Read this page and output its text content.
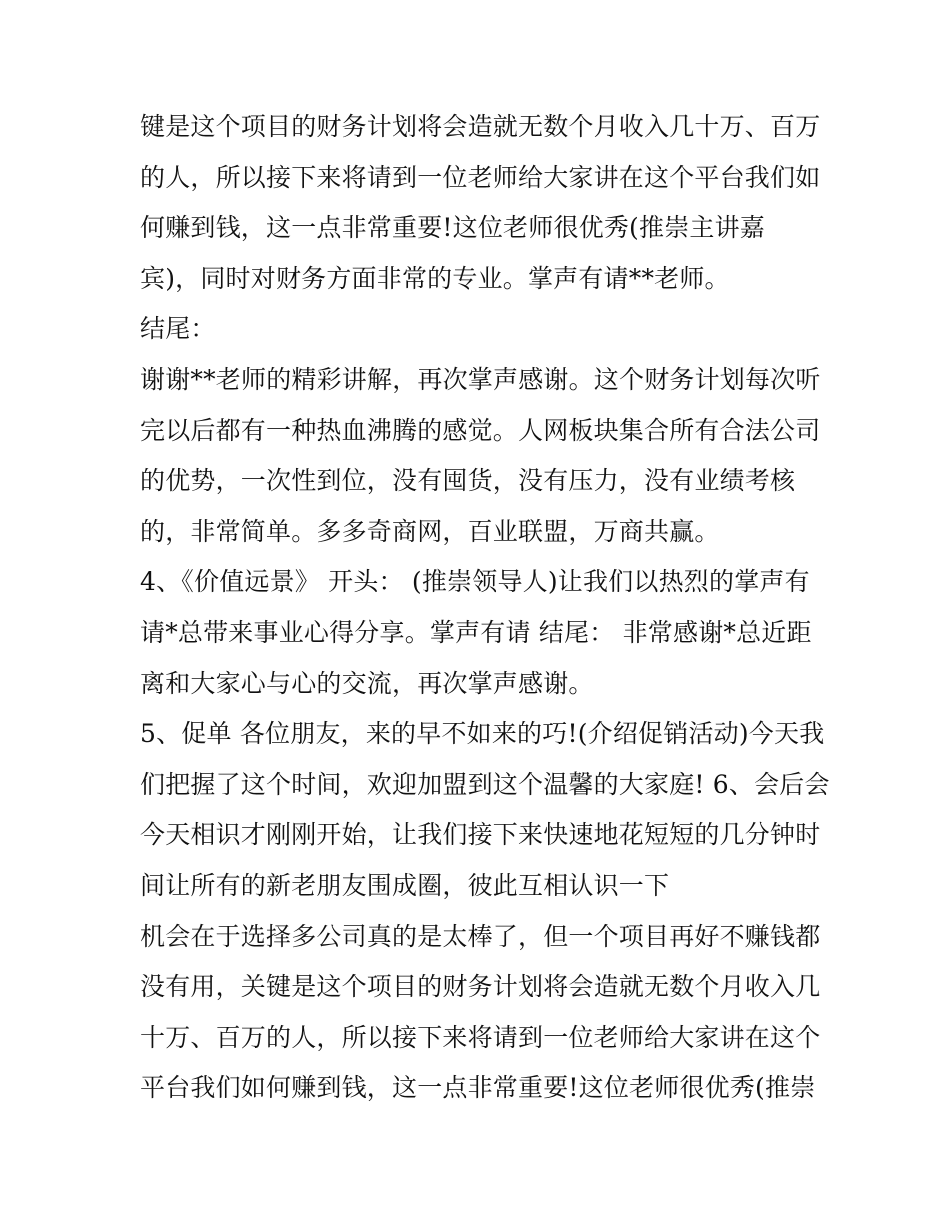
键是这个项目的财务计划将会造就无数个月收入几十万、百万
的人，所以接下来将请到一位老师给大家讲在这个平台我们如
何赚到钱，这一点非常重要!这位老师很优秀(推崇主讲嘉
宾)，同时对财务方面非常的专业。掌声有请**老师。
结尾：
谢谢**老师的精彩讲解，再次掌声感谢。这个财务计划每次听
完以后都有一种热血沸腾的感觉。人网板块集合所有合法公司
的优势，一次性到位，没有囤货，没有压力，没有业绩考核
的，非常简单。多多奇商网，百业联盟，万商共赢。
4、《价值远景》 开头： (推崇领导人)让我们以热烈的掌声有
请*总带来事业心得分享。掌声有请 结尾： 非常感谢*总近距
离和大家心与心的交流，再次掌声感谢。
5、促单 各位朋友，来的早不如来的巧!(介绍促销活动)今天我
们把握了这个时间，欢迎加盟到这个温馨的大家庭! 6、会后会
今天相识才刚刚开始，让我们接下来快速地花短短的几分钟时
间让所有的新老朋友围成圈，彼此互相认识一下
机会在于选择多公司真的是太棒了，但一个项目再好不赚钱都
没有用，关键是这个项目的财务计划将会造就无数个月收入几
十万、百万的人，所以接下来将请到一位老师给大家讲在这个
平台我们如何赚到钱，这一点非常重要!这位老师很优秀(推崇
